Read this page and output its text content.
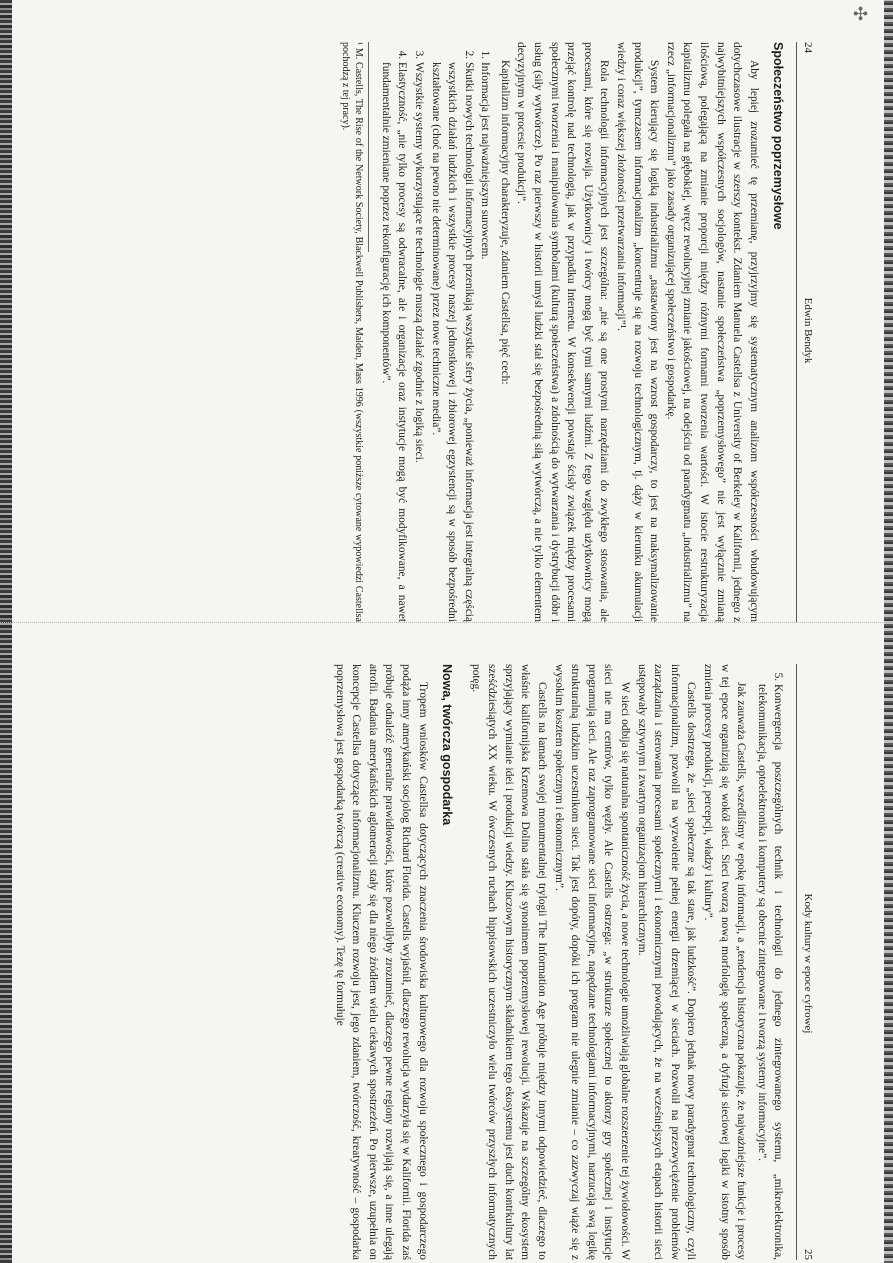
✣
24
Edwin Bendyk
Społeczeństwo poprzemysłowe

Aby lepiej zrozumieć tę przemianę, przyjrzyjmy się systematycznym analizom współczesności wbudowującym dotychczasowe ilustracje w szerszy kontekst. Zdaniem Manuela Castellsa z University of Berkeley w Kalifornii, jednego z najwybitniejszych współczesnych socjologów, nastanie społeczeństwa „poprzemysłowego” nie jest wyłącznie zmianą ilościową, polegającą na zmianie proporcji między różnymi formami tworzenia wartości. W istocie restrukturyzacja kapitalizmu polegała na głębokiej, wręcz rewolucyjnej zmianie jakościowej, na odejściu od paradygmatu „industrializmu” na rzecz „informacjonalizmu” jako zasady organizującej społeczeństwo i gospodarkę.

System kierujący się logiką industrializmu „nastawiony jest na wzrost gospodarczy, to jest na maksymalizowanie produkcji”, tymczasem informacjonalizm „koncentruje się na rozwoju technologicznym, tj. dąży w kierunku akumulacji wiedzy i coraz większej złożoności przetwarzania informacji”¹.

Rola technologii informacyjnych jest szczególna: „nie są one prostymi narzędziami do zwykłego stosowania, ale procesami, które się rozwija. Użytkownicy i twórcy mogą być tymi samymi ludźmi. Z tego względu użytkownicy mogą przejąć kontrolę nad technologią, jak w przypadku Internetu. W konsekwencji powstaje ścisły związek między procesami społecznymi tworzenia i manipulowania symbolami (kulturą społeczeństwa) a zdolnością do wytwarzania i dystrybucji dóbr i usług (siły wytwórcze). Po raz pierwszy w historii umysł ludzki stał się bezpośrednią siłą wytwórczą, a nie tylko elementem decyzyjnym w procesie produkcji”.

Kapitalizm informacyjny charakteryzuje, zdaniem Castellsa, pięć cech:

1. Informacja jest najważniejszym surowcem.
2. Skutki nowych technologii informacyjnych przenikają wszystkie sfery życia, „ponieważ informacja jest integralną częścią wszystkich działań ludzkich i wszystkie procesy naszej jednostkowej i zbiorowej egzystencji są w sposób bezpośredni kształtowane (choć na pewno nie determinowane) przez nowe techniczne media”.
3. Wszystkie systemy wykorzystujące te technologie muszą działać zgodnie z logiką sieci.
4. Elastyczność, „nie tylko procesy są odwracalne, ale i organizacje oraz instytucje mogą być modyfikowane, a nawet fundamentalnie zmieniane poprzez rekonfigurację ich komponentów”.
¹ M. Castells, The Rise of the Network Society, Blackwell Publishers, Malden, Mass 1996 (wszystkie poniższe cytowane wypowiedzi Castellsa pochodzą z tej pracy).
Kody kultury w epoce cyfrowej
25
5. Konwergencja poszczególnych technik i technologii do jednego zintegrowanego systemu, „mikroelektronika, telekomunikacja, optoelektronika i komputery są obecnie zintegrowane i tworzą systemy informacyjne”.

Jak zauważa Castells, wszedliśmy w epokę informacji, a „tendencja historyczna pokazuje, że najważniejsze funkcje i procesy w tej epoce organizują się wokół sieci. Sieci tworzą nową morfologię społeczną, a dyfuzja sieciowej logiki w istotny sposób zmienia procesy produkcji, percepcji, władzy i kultury”.

Castells dostrzega, że „sieci społeczne są tak stare, jak ludzkość”. Dopiero jednak nowy paradygmat technologiczny, czyli informacjonalizm, pozwolił na wyzwolenie pełnej energii drzemiącej w sieciach. Pozwolił na przezwyciężenie problemów zarządzania i sterowania procesami społecznymi i ekonomicznymi powodujących, że na wcześniejszych etapach historii sieci ustępowały sztywnym i zwartym organizacjom hierarchicznym.

W sieci odbija się naturalna spontaniczność życia, a nowe technologie umożliwiają globalne rozszerzenie tej żywiołowości. W sieci nie ma centrów, tylko węzły. Ale Castells ostrzega: „w strukturze społecznej to aktorzy gry społecznej i instytucje programują sieci. Ale raz zaprogramowane sieci informacyjne, napędzane technologiami informacyjnymi, narzucają swą logikę strukturalną ludzkim uczestnikom sieci. Tak jest dopóty, dopóki ich program nie ulegnie zmianie – co zazwyczaj wiąże się z wysokim kosztem społecznym i ekonomicznym”.

Castells na łamach swojej monumentalnej trylogii The Information Age próbuje między innymi odpowiedzieć, dlaczego to właśnie kalifornijska Krzemowa Dolina stała się synonimem poprzemysłowej rewolucji. Wskazuje na szczególny ekosystem sprzyjający wymianie idei i produkcji wiedzy. Kluczowym historycznym składnikiem tego ekosystemu jest duch kontrkultury lat sześćdziesiątych XX wieku. W ówczesnych ruchach hippisowskich uczestniczyło wielu twórców przyszłych informatycznych potęg.

Nowa, twórcza gospodarka

Tropem wniosków Castellsa dotyczących znaczenia środowiska kulturowego dla rozwoju społecznego i gospodarczego podąża inny amerykański socjolog Richard Florida. Castells wyjaśnił, dlaczego rewolucja wydarzyła się w Kalifornii. Florida zaś próbuje odnaleźć generalne prawidłowości, które pozwoliłyby zrozumieć, dlaczego pewne regiony rozwijają się, a inne ulegają atrofii. Badania amerykańskich aglomeracji stały się dla niego źródłem wielu ciekawych spostrzeżeń. Po pierwsze, uzupełnia on koncepcje Castellsa dotyczące informacjonalizmu. Kluczem rozwoju jest, jego zdaniem, twórczość, kreatywność – gospodarka poprzemysłowa jest gospodarką twórczą (creative economy). Tezę tę formułuje
